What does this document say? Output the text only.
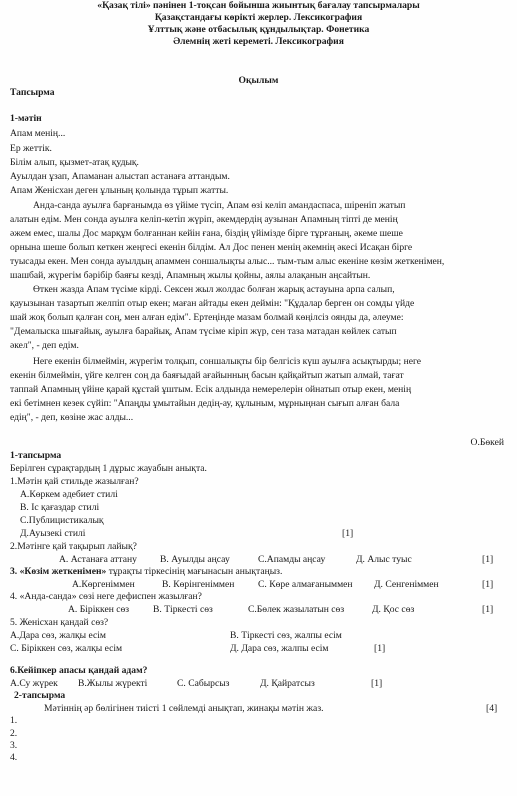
«Қазақ тілі» пәнінен 1-тоқсан бойынша жиынтық бағалау тапсырмалары
Қазақстандағы көрікті жерлер. Лексикография
Ұлттық және отбасылық құндылықтар. Фонетика
Әлемнің жеті кереметі. Лексикография
Оқылым
Тапсырма
1-мәтін
Апам менің...
Ер жеттік.
Білім алып, қызмет-атақ қудық.
Ауылдан ұзап, Апаманан алыстап астанаға аттандым.
Апам Женісхан деген ұлының қолында тұрып жатты.
Анда-санда ауылға барғанымда өз үйіме түсіп, Апам өзі келіп амандаспаса, шіреніп жатып
алатын едім. Мен сонда ауылға келіп-кетіп жүріп, әкемдердің аузынан Апамның тіпті де менің
әжем емес, шалы Дос марқұм болғаннан кейін ғана, біздің үйімізде бірге тұрғаның, әкеме шеше
орнына шеше болып кеткен жеңгесі екенін білдім. Ал Дос пенен менің әкемнің әкесі Исақан бірге
туысады екен. Мен сонда ауылдың апаммен соншалықты алыс... тым-тым алыс екеніне көзім жеткенімен,
шашбай, жүрегім бәрібір баяғы кезді, Апамның жылы қойны, аялы алақанын аңсайтын.
Өткен жазда Апам түсіме кірді. Сексен жыл жолдас болған жарық астауына арпа салып,
қауызынан тазартып желпіп отыр екен; маған айтады екен деймін: "Құдалар берген он сомды үйде
шай жоқ болып қалған соң, мен алған едім". Ертеңінде мазам болмай көңілсіз оянды да, әлеуме:
"Демалыска шығайық, ауылға барайық, Апам түсіме кіріп жүр, сен таза матадан көйлек сатып
әкел", - деп едім.
Неге екенін білмеймін, жүрегім толқып, соншалықты бір белгісіз күш ауылға асықтырды; неге
екенін білмеймін, үйге келген соң да баяғыдай ағайынның басын қайқайтып жатып алмай, тағат
таппай Апамның үйіне қарай құстай ұштым. Есік алдында немерелерін ойнатып отыр екен, менің
екі бетімнен кезек сүйіп: "Апаңды ұмытайын дедің-ау, құлыным, мұрныңнан сығып алған бала
едің", - деп, көзіне жас алды...
О.Бөкей
1-тапсырма
Берілген сұрақтардың 1 дұрыс жауабын анықта.
1.Мәтін қай стильде жазылған?
А.Көркем әдебиет стилі
В. Іс қағаздар стилі
С.Публицистикалық
Д.Ауызекі стилі	[1]
2.Мәтінге қай тақырып лайық?
А. Астанаға аттану В. Ауылды аңсау	С.Апамды аңсау	Д. Алыс туыс	[1]
3. «Көзім жеткенімен» тұрақты тіркесінің мағынасын анықтаңыз.
А.Көргеніммен	В. Көрінгеніммен С. Көре алмағаныммен Д. Сенгеніммен	[1]
4. «Анда-санда» сөзі неге дефиспен жазылған?
А. Біріккен сөз В. Тіркесті сөз	С.Бөлек жазылатын сөз	Д. Қос сөз	[1]
5. Женісхан қандай сөз?
А.Дара сөз, жалқы есім	В. Тіркесті сөз, жалпы есім
С. Біріккен сөз, жалқы есім	Д. Дара сөз, жалпы есім	[1]
6.Кейіпкер апасы қандай адам?
А.Су жүрек В.Жылы жүректі	С. Сабырсыз	Д. Қайратсыз	[1]
2-тапсырма
Мәтіннің әр бөлігінен тиісті 1 сөйлемді анықтап, жинақы мәтін жаз.	[4]
1.
2.
3.
4.
